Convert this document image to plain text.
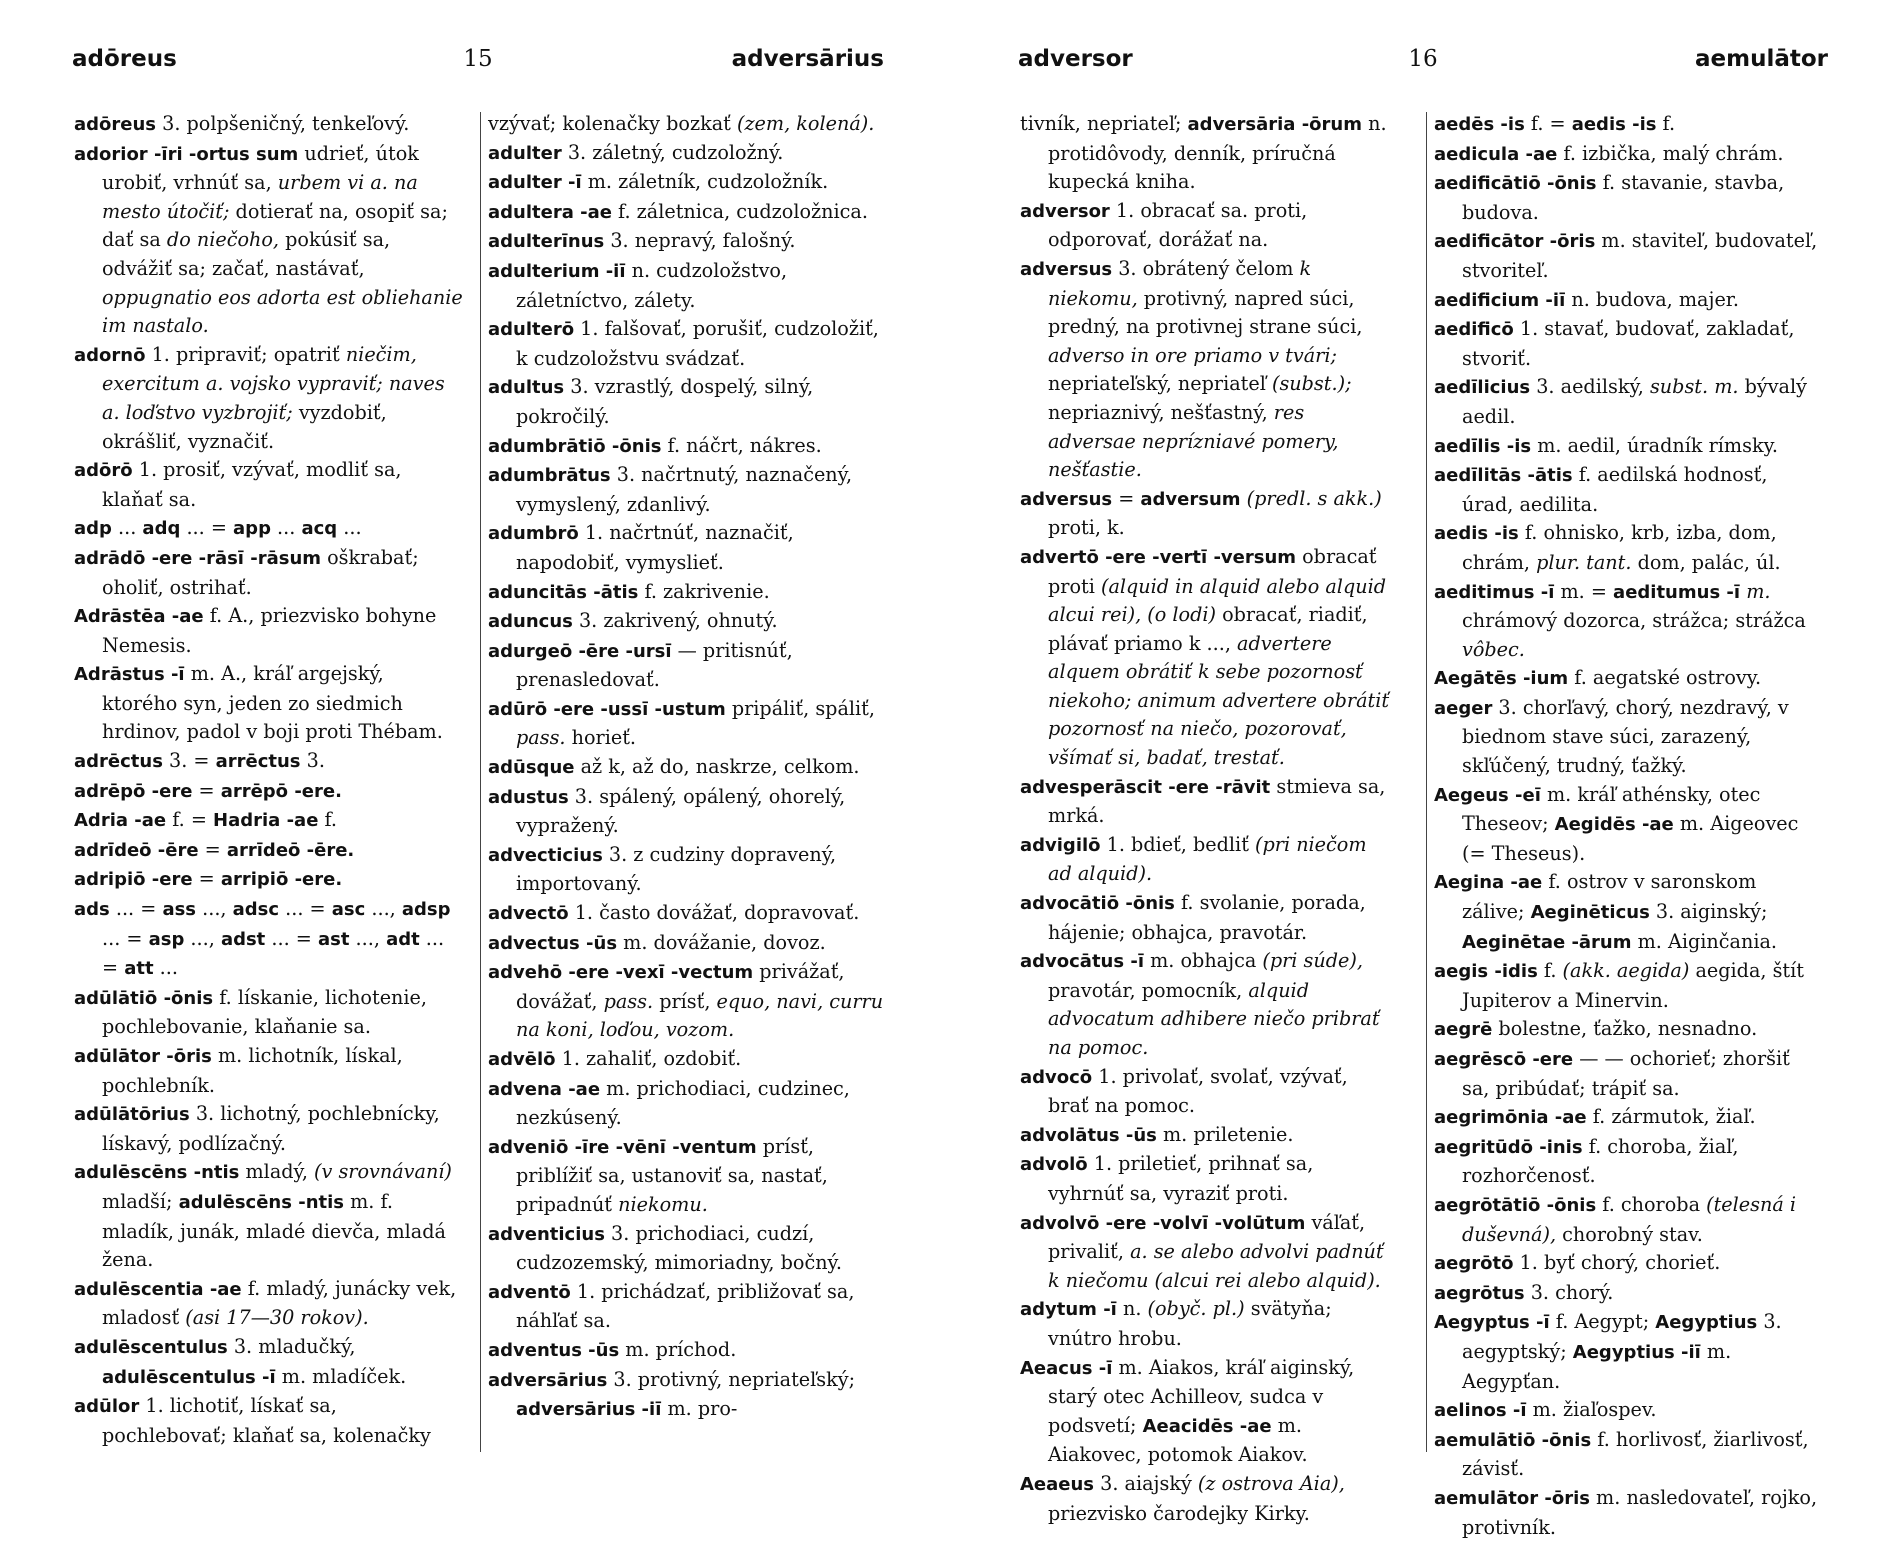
adōreus	15	adversārius

adōreus 3. polpšeničný, tenkeľový.

adorior -īri -ortus sum udrieť, útok urobiť, vrhnúť sa, urbem vi a. na mesto útočiť; dotierať na, osopiť sa; dať sa do niečoho, pokúsiť sa, odvážiť sa; začať, nastávať, oppugnatio eos adorta est obliehanie im nastalo.

adornō 1. pripraviť; opatriť niečim, exercitum a. vojsko vypraviť; naves a. loďstvo vyzbrojiť; vyzdobiť, okrášliť, vyznačiť.

adōrō 1. prosiť, vzývať, modliť sa, klaňať sa.

adp ... adq ... = app ... acq ...

adrādō -ere -rāsī -rāsum oškrabať; oholiť, ostrihať.

Adrāstēa -ae f. A., priezvisko bohyne Nemesis.

Adrāstus -ī m. A., kráľ argejský, ktorého syn, jeden zo siedmich hrdinov, padol v boji proti Thébam.

adrēctus 3. = arrēctus 3.

adrēpō -ere = arrēpō -ere.

Adria -ae f. = Hadria -ae f.

adrīdeō -ēre = arrīdeō -ēre.

adripiō -ere = arripiō -ere.

ads ... = ass ..., adsc ... = asc ..., adsp ... = asp ..., adst ... = ast ..., adt ... = att ...

adūlātiō -ōnis f. lískanie, lichotenie, pochlebovanie, klaňanie sa.

adūlātor -ōris m. lichotník, lískal, pochlebník.

adūlātōrius 3. lichotný, pochlebnícky, lískavý, podlízačný.

adulēscēns -ntis mladý, (v srovnávaní) mladší; adulēscēns -ntis m. f. mladík, junák, mladé dievča, mladá žena.

adulēscentia -ae f. mladý, junácky vek, mladosť (asi 17—30 rokov).

adulēscentulus 3. mladučký, adulēscentulus -ī m. mladíček.

adūlor 1. lichotiť, lískať sa, pochlebovať; klaňať sa, kolenačky

vzývať; kolenačky bozkať (zem, kolená).

adulter 3. záletný, cudzoložný.

adulter -ī m. záletník, cudzoložník.

adultera -ae f. záletnica, cudzoložnica.

adulterīnus 3. nepravý, falošný.

adulterium -iī n. cudzoložstvo, záletníctvo, zálety.

adulterō 1. falšovať, porušiť, cudzoložiť, k cudzoložstvu svádzať.

adultus 3. vzrastlý, dospelý, silný, pokročilý.

adumbrātiō -ōnis f. náčrt, nákres.

adumbrātus 3. načrtnutý, naznačený, vymyslený, zdanlivý.

adumbrō 1. načrtnúť, naznačiť, napodobiť, vymyslieť.

aduncitās -ātis f. zakrivenie.

aduncus 3. zakrivený, ohnutý.

adurgeō -ēre -ursī — pritisnúť, prenasledovať.

adūrō -ere -ussī -ustum pripáliť, spáliť, pass. horieť.

adūsque až k, až do, naskrze, celkom.

adustus 3. spálený, opálený, ohorelý, vypražený.

advecticius 3. z cudziny dopravený, importovaný.

advectō 1. často dovážať, dopravovať.

advectus -ūs m. dovážanie, dovoz.

advehō -ere -vexī -vectum privážať, dovážať, pass. prísť, equo, navi, curru na koni, loďou, vozom.

advēlō 1. zahaliť, ozdobiť.

advena -ae m. prichodiaci, cudzinec, nezkúsený.

adveniō -īre -vēnī -ventum prísť, priblížiť sa, ustanoviť sa, nastať, pripadnúť niekomu.

adventicius 3. prichodiaci, cudzí, cudzozemský, mimoriadny, bočný.

adventō 1. prichádzať, približovať sa, náhľať sa.

adventus -ūs m. príchod.

adversārius 3. protivný, nepriateľský; adversārius -iī m. pro-

adversor	16	aemulātor

tivník, nepriateľ; adversāria -ōrum n. protidôvody, denník, príručná kupecká kniha.

adversor 1. obracať sa. proti, odporovať, dorážať na.

adversus 3. obrátený čelom k niekomu, protivný, napred súci, predný, na protivnej strane súci, adverso in ore priamo v tvári; nepriateľský, nepriateľ (subst.); nepriaznivý, nešťastný, res adversae neprízniavé pomery, nešťastie.

adversus = adversum (predl. s akk.) proti, k.

advertō -ere -vertī -versum obracať proti (alquid in alquid alebo alquid alcui rei), (o lodi) obracať, riadiť, plávať priamo k ..., advertere alquem obrátiť k sebe pozornosť niekoho; animum advertere obrátiť pozornosť na niečo, pozorovať, všímať si, badať, trestať.

advesperāscit -ere -rāvit stmieva sa, mrká.

advigilō 1. bdieť, bedliť (pri niečom ad alquid).

advocātiō -ōnis f. svolanie, porada, hájenie; obhajca, pravotár.

advocātus -ī m. obhajca (pri súde), pravotár, pomocník, alquid advocatum adhibere niečo pribrať na pomoc.

advocō 1. privolať, svolať, vzývať, brať na pomoc.

advolātus -ūs m. priletenie.

advolō 1. priletieť, prihnať sa, vyhrnúť sa, vyraziť proti.

advolvō -ere -volvī -volūtum váľať, privaliť, a. se alebo advolvi padnúť k niečomu (alcui rei alebo alquid).

adytum -ī n. (obyč. pl.) svätyňa; vnútro hrobu.

Aeacus -ī m. Aiakos, kráľ aiginský, starý otec Achilleov, sudca v podsvetí; Aeacidēs -ae m. Aiakovec, potomok Aiakov.

Aeaeus 3. aiajský (z ostrova Aia), priezvisko čarodejky Kirky.

aedēs -is f. = aedis -is f.

aedicula -ae f. izbička, malý chrám.

aedificātiō -ōnis f. stavanie, stavba, budova.

aedificātor -ōris m. staviteľ, budovateľ, stvoriteľ.

aedificium -iī n. budova, majer.

aedificō 1. stavať, budovať, zakladať, stvoriť.

aedīlicius 3. aedilský, subst. m. bývalý aedil.

aedīlis -is m. aedil, úradník rímsky.

aedīlitās -ātis f. aedilská hodnosť, úrad, aedilita.

aedis -is f. ohnisko, krb, izba, dom, chrám, plur. tant. dom, palác, úl.

aeditimus -ī m. = aeditumus -ī m. chrámový dozorca, strážca; strážca vôbec.

Aegātēs -ium f. aegatské ostrovy.

aeger 3. chorľavý, chorý, nezdravý, v biednom stave súci, zarazený, skľúčený, trudný, ťažký.

Aegeus -eī m. kráľ athénsky, otec Theseov; Aegidēs -ae m. Aigeovec (= Theseus).

Aegina -ae f. ostrov v saronskom zálive; Aeginēticus 3. aiginský; Aeginētae -ārum m. Aiginčania.

aegis -idis f. (akk. aegida) aegida, štít Jupiterov a Minervin.

aegrē bolestne, ťažko, nesnadno.

aegrēscō -ere — — ochorieť; zhoršiť sa, pribúdať; trápiť sa.

aegrimōnia -ae f. zármutok, žiaľ.

aegritūdō -inis f. choroba, žiaľ, rozhorčenosť.

aegrōtātiō -ōnis f. choroba (telesná i duševná), chorobný stav.

aegrōtō 1. byť chorý, chorieť.

aegrōtus 3. chorý.

Aegyptus -ī f. Aegypt; Aegyptius 3. aegyptský; Aegyptius -iī m. Aegypťan.

aelinos -ī m. žiaľospev.

aemulātiō -ōnis f. horlivosť, žiarlivosť, závisť.

aemulātor -ōris m. nasledovateľ, rojko, protivník.
